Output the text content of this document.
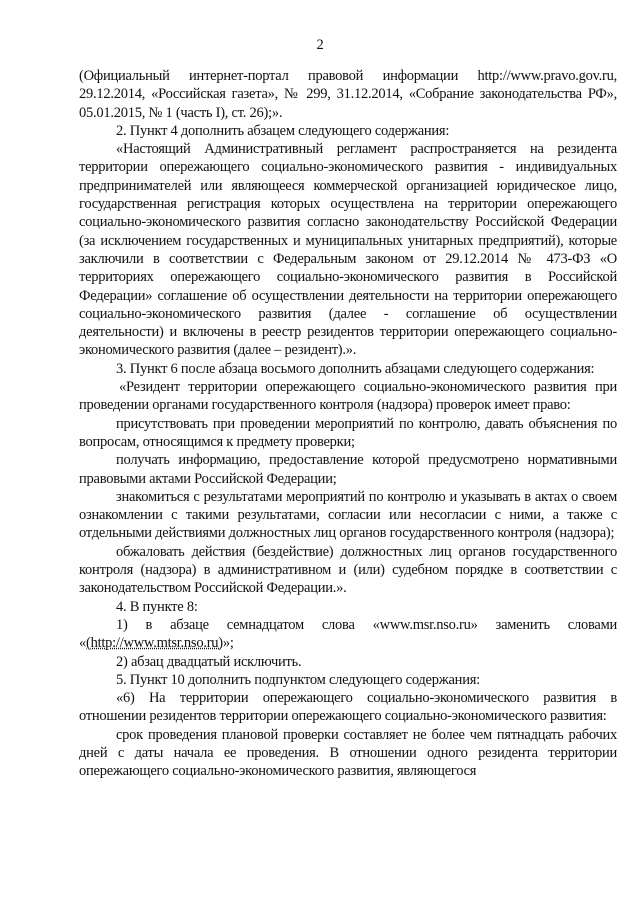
2

(Официальный интернет-портал правовой информации http://www.pravo.gov.ru, 29.12.2014, «Российская газета», № 299, 31.12.2014, «Собрание законодательства РФ», 05.01.2015, № 1 (часть I), ст. 26);».

2. Пункт 4 дополнить абзацем следующего содержания:

«Настоящий Административный регламент распространяется на резидента территории опережающего социально-экономического развития - индивидуальных предпринимателей или являющееся коммерческой организацией юридическое лицо, государственная регистрация которых осуществлена на территории опережающего социально-экономического развития согласно законодательству Российской Федерации (за исключением государственных и муниципальных унитарных предприятий), которые заключили в соответствии с Федеральным законом от 29.12.2014 № 473-ФЗ «О территориях опережающего социально-экономического развития в Российской Федерации» соглашение об осуществлении деятельности на территории опережающего социально-экономического развития (далее - соглашение об осуществлении деятельности) и включены в реестр резидентов территории опережающего социально-экономического развития (далее – резидент).».

3. Пункт 6 после абзаца восьмого дополнить абзацами следующего содержания:

«Резидент территории опережающего социально-экономического развития при проведении органами государственного контроля (надзора) проверок имеет право:

присутствовать при проведении мероприятий по контролю, давать объяснения по вопросам, относящимся к предмету проверки;

получать информацию, предоставление которой предусмотрено нормативными правовыми актами Российской Федерации;

знакомиться с результатами мероприятий по контролю и указывать в актах о своем ознакомлении с такими результатами, согласии или несогласии с ними, а также с отдельными действиями должностных лиц органов государственного контроля (надзора);

обжаловать действия (бездействие) должностных лиц органов государственного контроля (надзора) в административном и (или) судебном порядке в соответствии с законодательством Российской Федерации.».

4. В пункте 8:

1) в абзаце семнадцатом слова «www.msr.nso.ru» заменить словами «(http://www.mtsr.nso.ru)»;

2) абзац двадцатый исключить.

5. Пункт 10 дополнить подпунктом следующего содержания:

«6) На территории опережающего социально-экономического развития в отношении резидентов территории опережающего социально-экономического развития:

срок проведения плановой проверки составляет не более чем пятнадцать рабочих дней с даты начала ее проведения. В отношении одного резидента территории опережающего социально-экономического развития, являющегося
